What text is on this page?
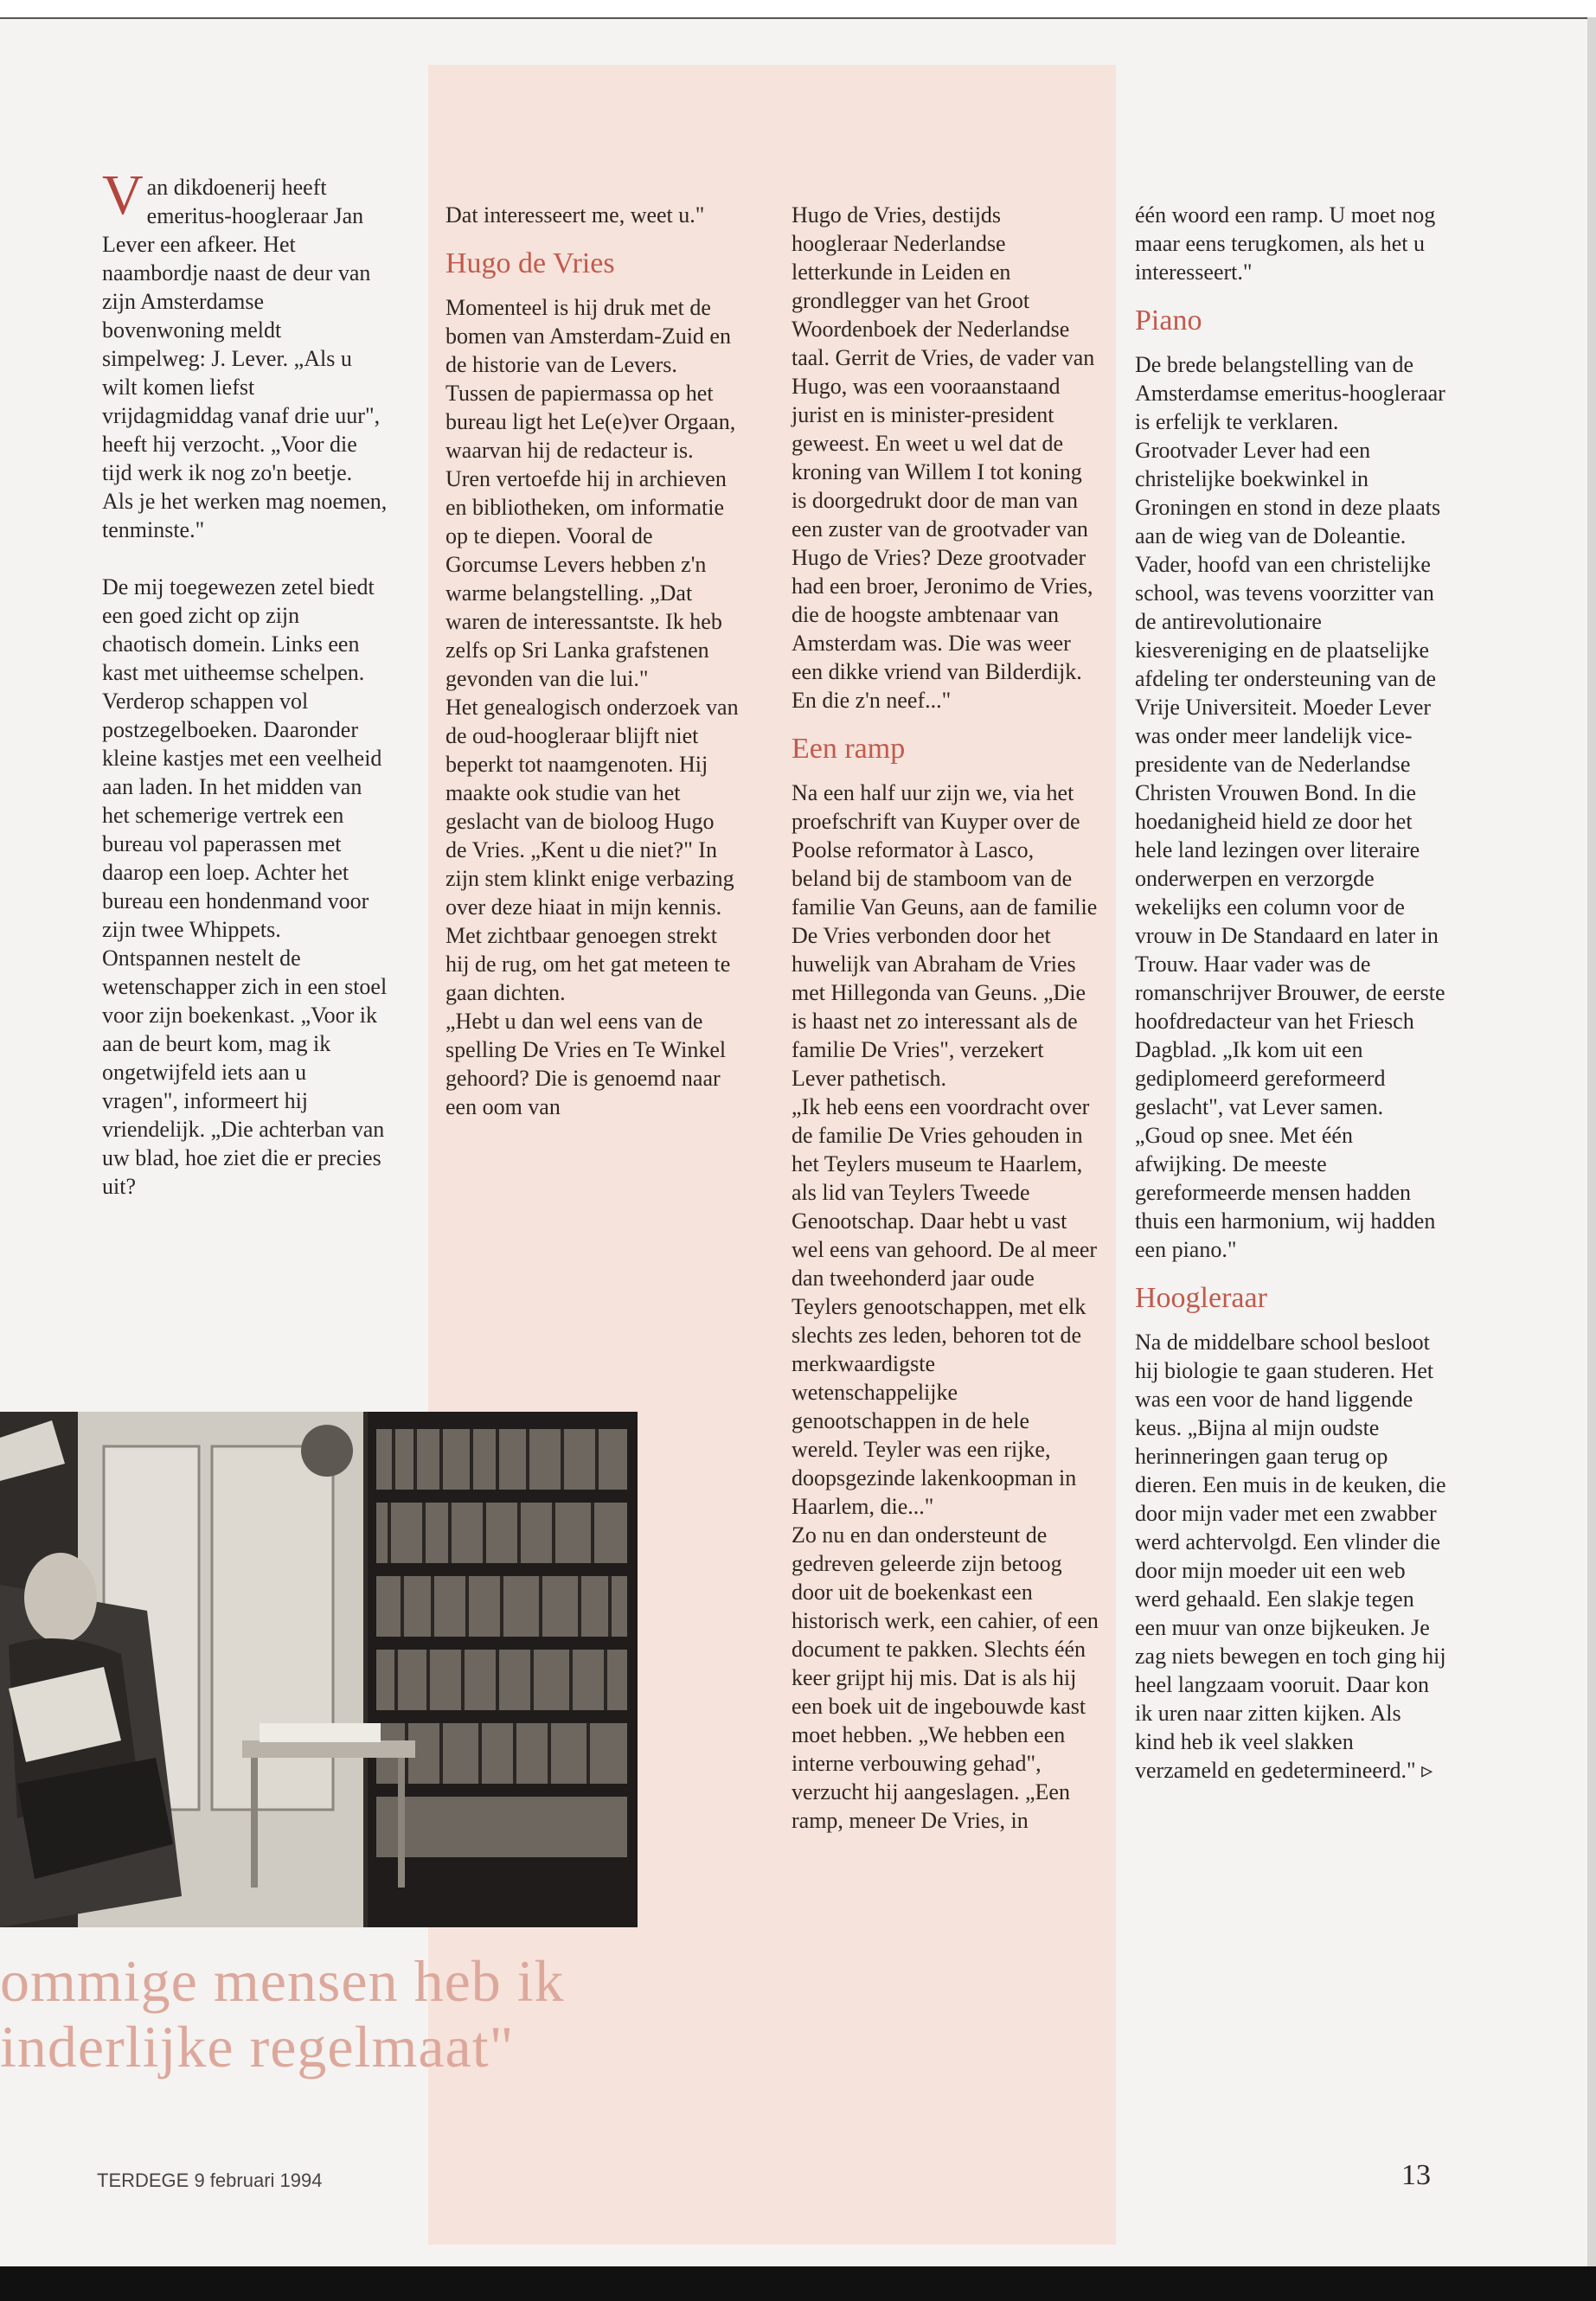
V an dikdoenerij heeft emeritus-hoogleraar Jan Lever een afkeer. Het naambordje naast de deur van zijn Amsterdamse bovenwoning meldt simpelweg: J. Lever. „Als u wilt komen liefst vrijdagmiddag vanaf drie uur", heeft hij verzocht. „Voor die tijd werk ik nog zo'n beetje. Als je het werken mag noemen, tenminste."

De mij toegewezen zetel biedt een goed zicht op zijn chaotisch domein. Links een kast met uitheemse schelpen. Verderop schappen vol postzegelboeken. Daaronder kleine kastjes met een veelheid aan laden. In het midden van het schemerige vertrek een bureau vol paperassen met daarop een loep. Achter het bureau een hondenmand voor zijn twee Whippets.

Ontspannen nestelt de wetenschapper zich in een stoel voor zijn boekenkast. „Voor ik aan de beurt kom, mag ik ongetwijfeld iets aan u vragen", informeert hij vriendelijk. „Die achterban van uw blad, hoe ziet die er precies uit?

Dat interesseert me, weet u."

Hugo de Vries

Momenteel is hij druk met de bomen van Amsterdam-Zuid en de historie van de Levers. Tussen de papiermassa op het bureau ligt het Le(e)ver Orgaan, waarvan hij de redacteur is. Uren vertoefde hij in archieven en bibliotheken, om informatie op te diepen. Vooral de Gorcumse Levers hebben z'n warme belangstelling. „Dat waren de interessantste. Ik heb zelfs op Sri Lanka grafstenen gevonden van die lui."

Het genealogisch onderzoek van de oud-hoogleraar blijft niet beperkt tot naamgenoten. Hij maakte ook studie van het geslacht van de bioloog Hugo de Vries. „Kent u die niet?" In zijn stem klinkt enige verbazing over deze hiaat in mijn kennis. Met zichtbaar genoegen strekt hij de rug, om het gat meteen te gaan dichten.

„Hebt u dan wel eens van de spelling De Vries en Te Winkel gehoord? Die is genoemd naar een oom van

Hugo de Vries, destijds hoogleraar Nederlandse letterkunde in Leiden en grondlegger van het Groot Woordenboek der Nederlandse taal. Gerrit de Vries, de vader van Hugo, was een vooraanstaand jurist en is minister-president geweest. En weet u wel dat de kroning van Willem I tot koning is doorgedrukt door de man van een zuster van de grootvader van Hugo de Vries? Deze grootvader had een broer, Jeronimo de Vries, die de hoogste ambtenaar van Amsterdam was. Die was weer een dikke vriend van Bilderdijk. En die z'n neef..."

Een ramp

Na een half uur zijn we, via het proefschrift van Kuyper over de Poolse reformator à Lasco, beland bij de stamboom van de familie Van Geuns, aan de familie De Vries verbonden door het huwelijk van Abraham de Vries met Hillegonda van Geuns. „Die is haast net zo interessant als de familie De Vries", verzekert Lever pathetisch.

„Ik heb eens een voordracht over de familie De Vries gehouden in het Teylers museum te Haarlem, als lid van Teylers Tweede Genootschap. Daar hebt u vast wel eens van gehoord. De al meer dan tweehonderd jaar oude Teylers genootschappen, met elk slechts zes leden, behoren tot de merkwaardigste wetenschappelijke genootschappen in de hele wereld. Teyler was een rijke, doopsgezinde lakenkoopman in Haarlem, die..."

Zo nu en dan ondersteunt de gedreven geleerde zijn betoog door uit de boekenkast een historisch werk, een cahier, of een document te pakken. Slechts één keer grijpt hij mis. Dat is als hij een boek uit de ingebouwde kast moet hebben. „We hebben een interne verbouwing gehad", verzucht hij aangeslagen. „Een ramp, meneer De Vries, in

één woord een ramp. U moet nog maar eens terugkomen, als het u interesseert."

Piano

De brede belangstelling van de Amsterdamse emeritus-hoogleraar is erfelijk te verklaren. Grootvader Lever had een christelijke boekwinkel in Groningen en stond in deze plaats aan de wieg van de Doleantie. Vader, hoofd van een christelijke school, was tevens voorzitter van de antirevolutionaire kiesvereniging en de plaatselijke afdeling ter ondersteuning van de Vrije Universiteit. Moeder Lever was onder meer landelijk vice-presidente van de Nederlandse Christen Vrouwen Bond. In die hoedanigheid hield ze door het hele land lezingen over literaire onderwerpen en verzorgde wekelijks een column voor de vrouw in De Standaard en later in Trouw. Haar vader was de romanschrijver Brouwer, de eerste hoofdredacteur van het Friesch Dagblad. „Ik kom uit een gediplomeerd gereformeerd geslacht", vat Lever samen. „Goud op snee. Met één afwijking. De meeste gereformeerde mensen hadden thuis een harmonium, wij hadden een piano."

Hoogleraar

Na de middelbare school besloot hij biologie te gaan studeren. Het was een voor de hand liggende keus. „Bijna al mijn oudste herinneringen gaan terug op dieren. Een muis in de keuken, die door mijn vader met een zwabber werd achtervolgd. Een vlinder die door mijn moeder uit een web werd gehaald. Een slakje tegen een muur van onze bijkeuken. Je zag niets bewegen en toch ging hij heel langzaam vooruit. Daar kon ik uren naar zitten kijken. Als kind heb ik veel slakken verzameld en gedetermineerd." ▹

ommige mensen heb ik
inderlijke regelmaat"
TERDEGE 9 februari 1994	13
